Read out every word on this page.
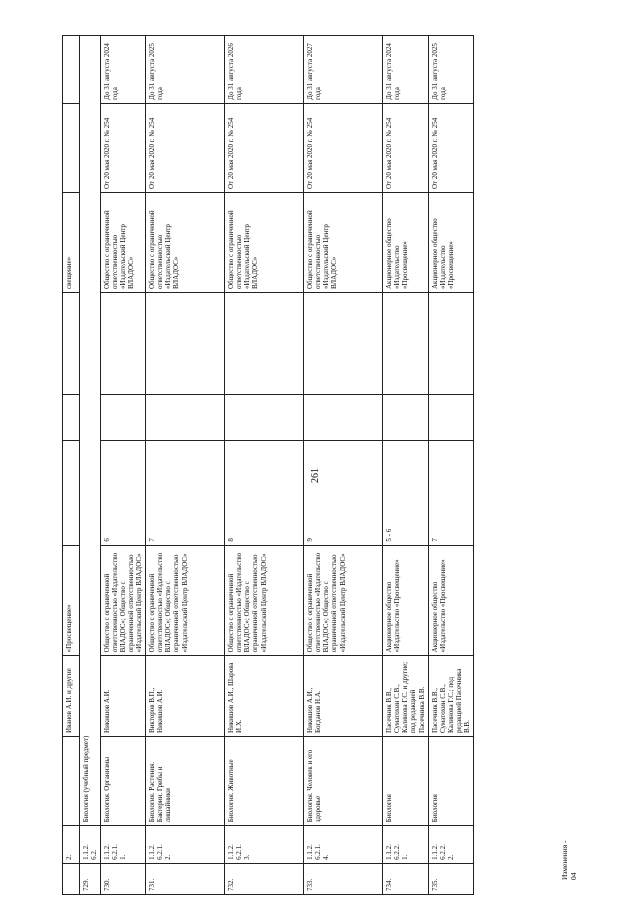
261
Изменения - 04
	2.		Иванов А.И. и другие	«Просвещение»				свещение»		
729.	1.1.2.
6.2.	Биология (учебный предмет)								
730.	1.1.2.
6.2.1.
1.	Биология. Организмы	Никишов А.И.	Общество с ограниченной ответственностью «Издательство ВЛАДОС»; Общество с ограниченной ответственностью «Издательский Центр ВЛАДОС»	6			Общество с ограниченной ответственностью «Издательский Центр ВЛАДОС»	От 20 мая 2020 г. № 254	До 31 августа 2024 года
731.	1.1.2.
6.2.1.
2.	Биология. Растения. Бактерии. Грибы и лишайники	Викторов В.П., Никишов А.И.	Общество с ограниченной ответственностью «Издательство ВЛАДОС»; Общество с ограниченной ответственностью «Издательский Центр ВЛАДОС»	7			Общество с ограниченной ответственностью «Издательский Центр ВЛАДОС»	От 20 мая 2020 г. № 254	До 31 августа 2025 года
732.	1.1.2.
6.2.1.
3.	Биология. Животные	Никишов А.И., Шарова И.Х.	Общество с ограниченной ответственностью «Издательство ВЛАДОС»; Общество с ограниченной ответственностью «Издательский Центр ВЛАДОС»	8			Общество с ограниченной ответственностью «Издательский Центр ВЛАДОС»	От 20 мая 2020 г. № 254	До 31 августа 2026 года
733.	1.1.2.
6.2.1.
4.	Биология. Человек и его здоровье	Никишов А.И., Богданов Н.А.	Общество с ограниченной ответственностью «Издательство ВЛАДОС»; Общество с ограниченной ответственностью «Издательский Центр ВЛАДОС»	9			Общество с ограниченной ответственностью «Издательский Центр ВЛАДОС»	От 20 мая 2020 г. № 254	До 31 августа 2027 года
734.	1.1.2.
6.2.2.
1.	Биология	Пасечник В.В., Суматохин С.В., Калинова Г.С. и другие; под редакцией Пасечника В.В.	Акционерное общество «Издательство «Просвещение»	5 - 6			Акционерное общество «Издательство «Просвещение»	От 20 мая 2020 г. № 254	До 31 августа 2024 года
735.	1.1.2.
6.2.2.
2.	Биология	Пасечник В.В., Суматохин С.В., Калинова Г.С.; под редакцией Пасечника В.В.	Акционерное общество «Издательство «Просвещение»	7			Акционерное общество «Издательство «Просвещение»	От 20 мая 2020 г. № 254	До 31 августа 2025 года
